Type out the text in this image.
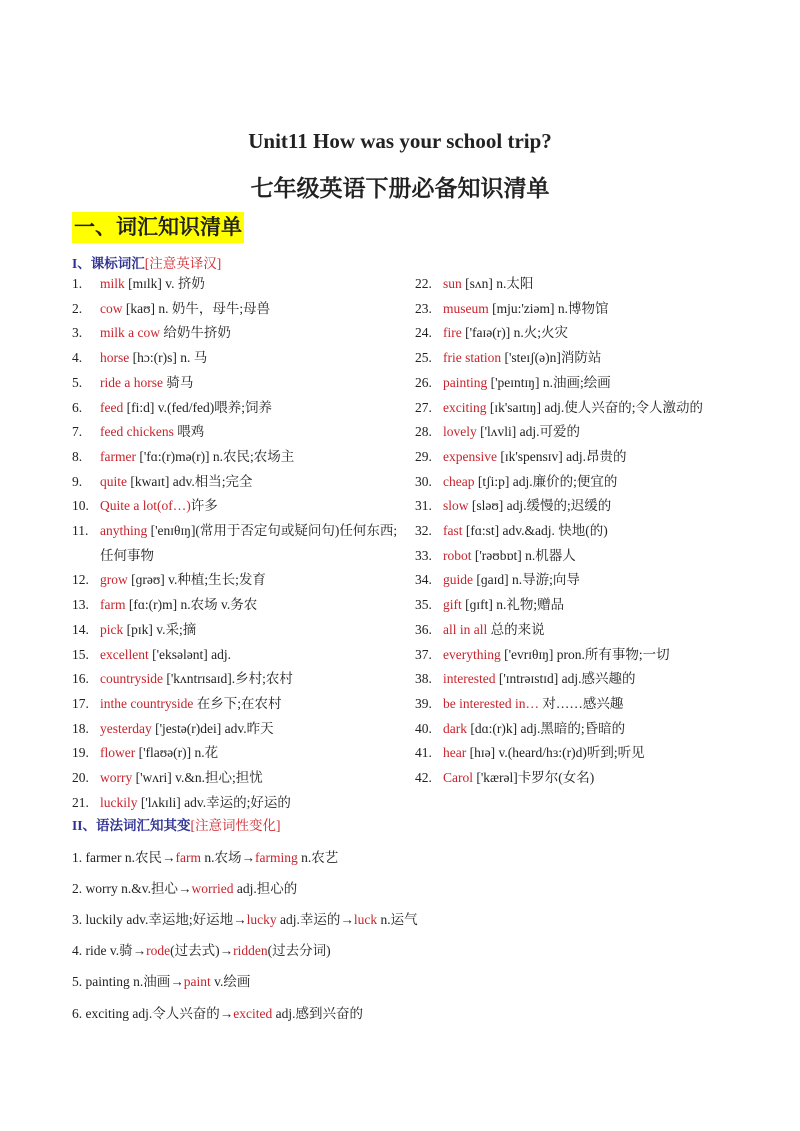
Unit11 How was your school trip?
七年级英语下册必备知识清单
一、词汇知识清单
I、课标词汇[注意英译汉]
1.	milk [mɪlk] v. 挤奶
2.	cow [kaʊ] n. 奶牛，母牛;母兽
3.	milk a cow 给奶牛挤奶
4.	horse [hɔ:(r)s] n. 马
5.	ride a horse 骑马
6.	feed [fi:d] v.(fed/fed)喂养;饲养
7.	feed chickens 喂鸡
8.	farmer ['fɑ:(r)mə(r)] n.农民;农场主
9.	quite [kwaɪt] adv.相当;完全
10. Quite a lot(of…)许多
11. anything ['enɪθɪŋ](常用于否定句或疑问句)任何东西;任何事物
12. grow [ɡrəʊ] v.种植;生长;发育
13. farm [fɑ:(r)m] n.农场 v.务农
14. pick [pɪk] v.采;摘
15. excellent ['eksələnt] adj.
16. countryside ['kʌntrɪsaɪd].乡村;农村
17. inthe countryside 在乡下;在农村
18. yesterday ['jestə(r)dei] adv.昨天
19. flower ['flaʊə(r)] n.花
20. worry ['wʌri] v.&n.担心;担忧
21. luckily ['lʌkɪli] adv.幸运的;好运的
22. sun [sʌn] n.太阳
23. museum [mju:'ziəm] n.博物馆
24. fire ['faɪə(r)] n.火;火灾
25. frie station ['steɪʃ(ə)n]消防站
26. painting ['peɪntɪŋ] n.油画;绘画
27. exciting [ɪk'saɪtɪŋ] adj.使人兴奋的;令人激动的
28. lovely ['lʌvli] adj.可爱的
29. expensive [ɪk'spensɪv] adj.昂贵的
30. cheap [tʃi:p] adj.廉价的;便宜的
31. slow [sləʊ] adj.缓慢的;迟缓的
32. fast [fɑ:st] adv.&adj. 快地(的)
33. robot ['rəʊbɒt] n.机器人
34. guide [ɡaɪd] n.导游;向导
35. gift [ɡɪft] n.礼物;赠品
36. all in all 总的来说
37. everything ['evrɪθɪŋ] pron.所有事物;一切
38. interested ['ɪntrəɪstɪd] adj.感兴趣的
39. be interested in… 对……感兴趣
40. dark [dɑ:(r)k] adj.黑暗的;昏暗的
41. hear [hɪə] v.(heard/hɜ:(r)d)听到;听见
42. Carol ['kærəl]卡罗尔(女名)
II、语法词汇知其变[注意词性变化]
1. farmer n.农民→farm n.农场→farming n.农艺
2. worry n.&v.担心→worried adj.担心的
3. luckily adv.幸运地;好运地→lucky adj.幸运的→luck n.运气
4. ride v.骑→rode(过去式)→ridden(过去分词)
5. painting n.油画→paint v.绘画
6. exciting adj.令人兴奋的→excited adj.感到兴奋的
